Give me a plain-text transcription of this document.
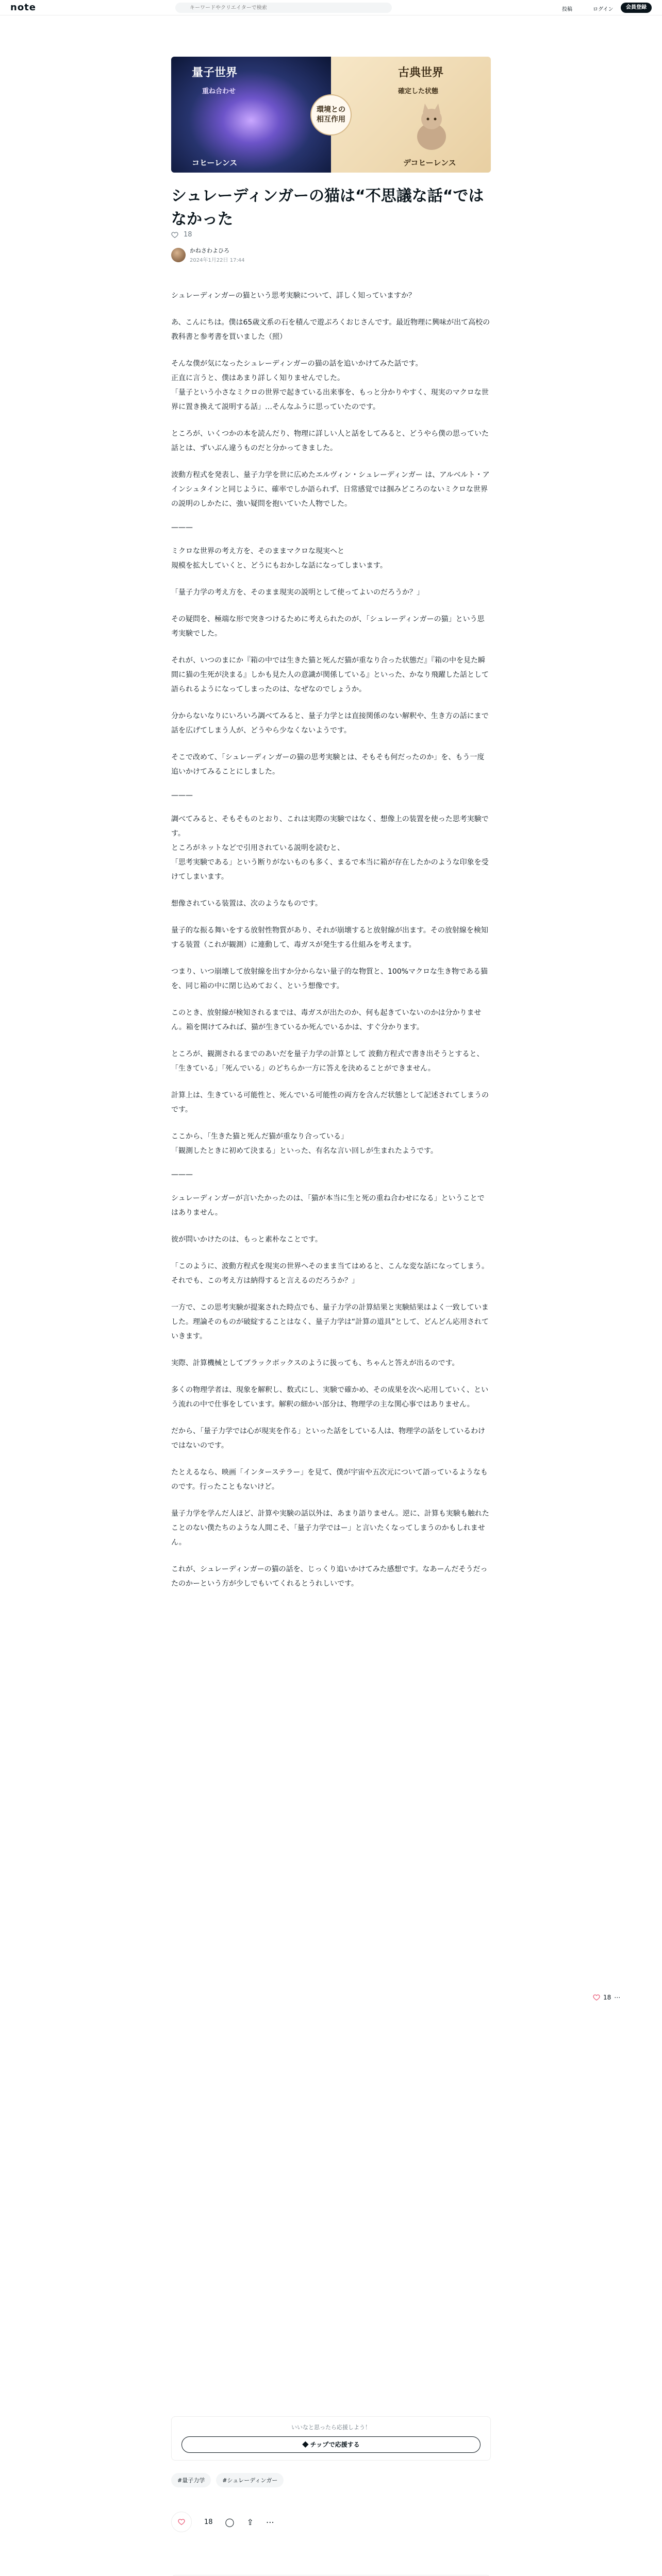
note
キーワードやクリエイターで検索	投稿	ログイン	会員登録
量子世界
重ね合わせ
コヒーレンス
古典世界
確定した状態
デコヒーレンス
環境との
相互作用
シュレーディンガーの猫は“不思議な話“ではなかった
18
かねさわよひろ
2024年1月22日 17:44

シュレーディンガーの猫という思考実験について、詳しく知っていますか？

あ、こんにちは。僕は65歳文系の石を積んで遊ぶろくおじさんです。最近物理に興味が出て高校の教科書と参考書を買いました（照）

そんな僕が気になったシュレーディンガーの猫の話を追いかけてみた話です。
正直に言うと、僕はあまり詳しく知りませんでした。
「量子という小さなミクロの世界で起きている出来事を、もっと分かりやすく、現実のマクロな世界に置き換えて説明する話」…そんなふうに思っていたのです。

ところが、いくつかの本を読んだり、物理に詳しい人と話をしてみると、どうやら僕の思っていた話とは、ずいぶん違うものだと分かってきました。

波動方程式を発表し、量子力学を世に広めたエルヴィン・シュレーディンガー は、アルベルト・アインシュタインと同じように、確率でしか語られず、日常感覚では掴みどころのないミクロな世界の説明のしかたに、強い疑問を抱いていた人物でした。

———

ミクロな世界の考え方を、そのままマクロな現実へと
規模を拡大していくと、どうにもおかしな話になってしまいます。

「量子力学の考え方を、そのまま現実の説明として使ってよいのだろうか？」

その疑問を、極端な形で突きつけるために考えられたのが、「シュレーディンガーの猫」という思考実験でした。

それが、いつのまにか『箱の中では生きた猫と死んだ猫が重なり合った状態だ』『箱の中を見た瞬間に猫の生死が決まる』しかも見た人の意識が関係している』といった、かなり飛躍した話として語られるようになってしまったのは、なぜなのでしょうか。

分からないなりにいろいろ調べてみると、量子力学とは直接関係のない解釈や、生き方の話にまで話を広げてしまう人が、どうやら少なくないようです。

そこで改めて、「シュレーディンガーの猫の思考実験とは、そもそも何だったのか」を、もう一度追いかけてみることにしました。

———

調べてみると、そもそものとおり、これは実際の実験ではなく、想像上の装置を使った思考実験です。
ところがネットなどで引用されている説明を読むと、
「思考実験である」という断りがないものも多く、まるで本当に箱が存在したかのような印象を受けてしまいます。

想像されている装置は、次のようなものです。

量子的な振る舞いをする放射性物質があり、それが崩壊すると放射線が出ます。その放射線を検知する装置（これが観測）に連動して、毒ガスが発生する仕組みを考えます。

つまり、いつ崩壊して放射線を出すか分からない量子的な物質と、100%マクロな生き物である猫を、同じ箱の中に閉じ込めておく、という想像です。

このとき、放射線が検知されるまでは、毒ガスが出たのか、何も起きていないのかは分かりません。箱を開けてみれば、猫が生きているか死んでいるかは、すぐ分かります。

ところが、観測されるまでのあいだを量子力学の計算として 波動方程式で書き出そうとすると、「生きている」「死んでいる」のどちらか一方に答えを決めることができません。

計算上は、生きている可能性と、死んでいる可能性の両方を含んだ状態として記述されてしまうのです。

ここから、「生きた猫と死んだ猫が重なり合っている」
「観測したときに初めて決まる」といった、有名な言い回しが生まれたようです。

———

シュレーディンガーが言いたかったのは、「猫が本当に生と死の重ね合わせになる」ということではありません。

彼が問いかけたのは、もっと素朴なことです。

「このように、波動方程式を現実の世界へそのまま当てはめると、こんな変な話になってしまう。それでも、この考え方は納得すると言えるのだろうか？」

一方で、この思考実験が提案された時点でも、量子力学の計算結果と実験結果はよく一致していました。理論そのものが破綻することはなく、量子力学は“計算の道具”として、どんどん応用されていきます。

実際、計算機械としてブラックボックスのように扱っても、ちゃんと答えが出るのです。

多くの物理学者は、現象を解釈し、数式にし、実験で確かめ、その成果を次へ応用していく、という流れの中で仕事をしています。解釈の細かい部分は、物理学の主な関心事ではありません。

だから、「量子力学では心が現実を作る」といった話をしている人は、物理学の話をしているわけではないのです。

たとえるなら、映画「インターステラー」を見て、僕が宇宙や五次元について語っているようなものです。行ったこともないけど。

量子力学を学んだ人ほど、計算や実験の話以外は、あまり語りません。逆に、計算も実験も触れたことのない僕たちのような人間こそ、「量子力学ではー」と言いたくなってしまうのかもしれません。

これが、シュレーディンガーの猫の話を、じっくり追いかけてみた感想です。なあーんだそうだったのかーという方が少しでもいてくれるとうれしいです。

18 ⋯
いいなと思ったら応援しよう！
◆ チップで応援する
#量子力学	#シュレーディンガー
18 ◯ ⇪ ⋯
